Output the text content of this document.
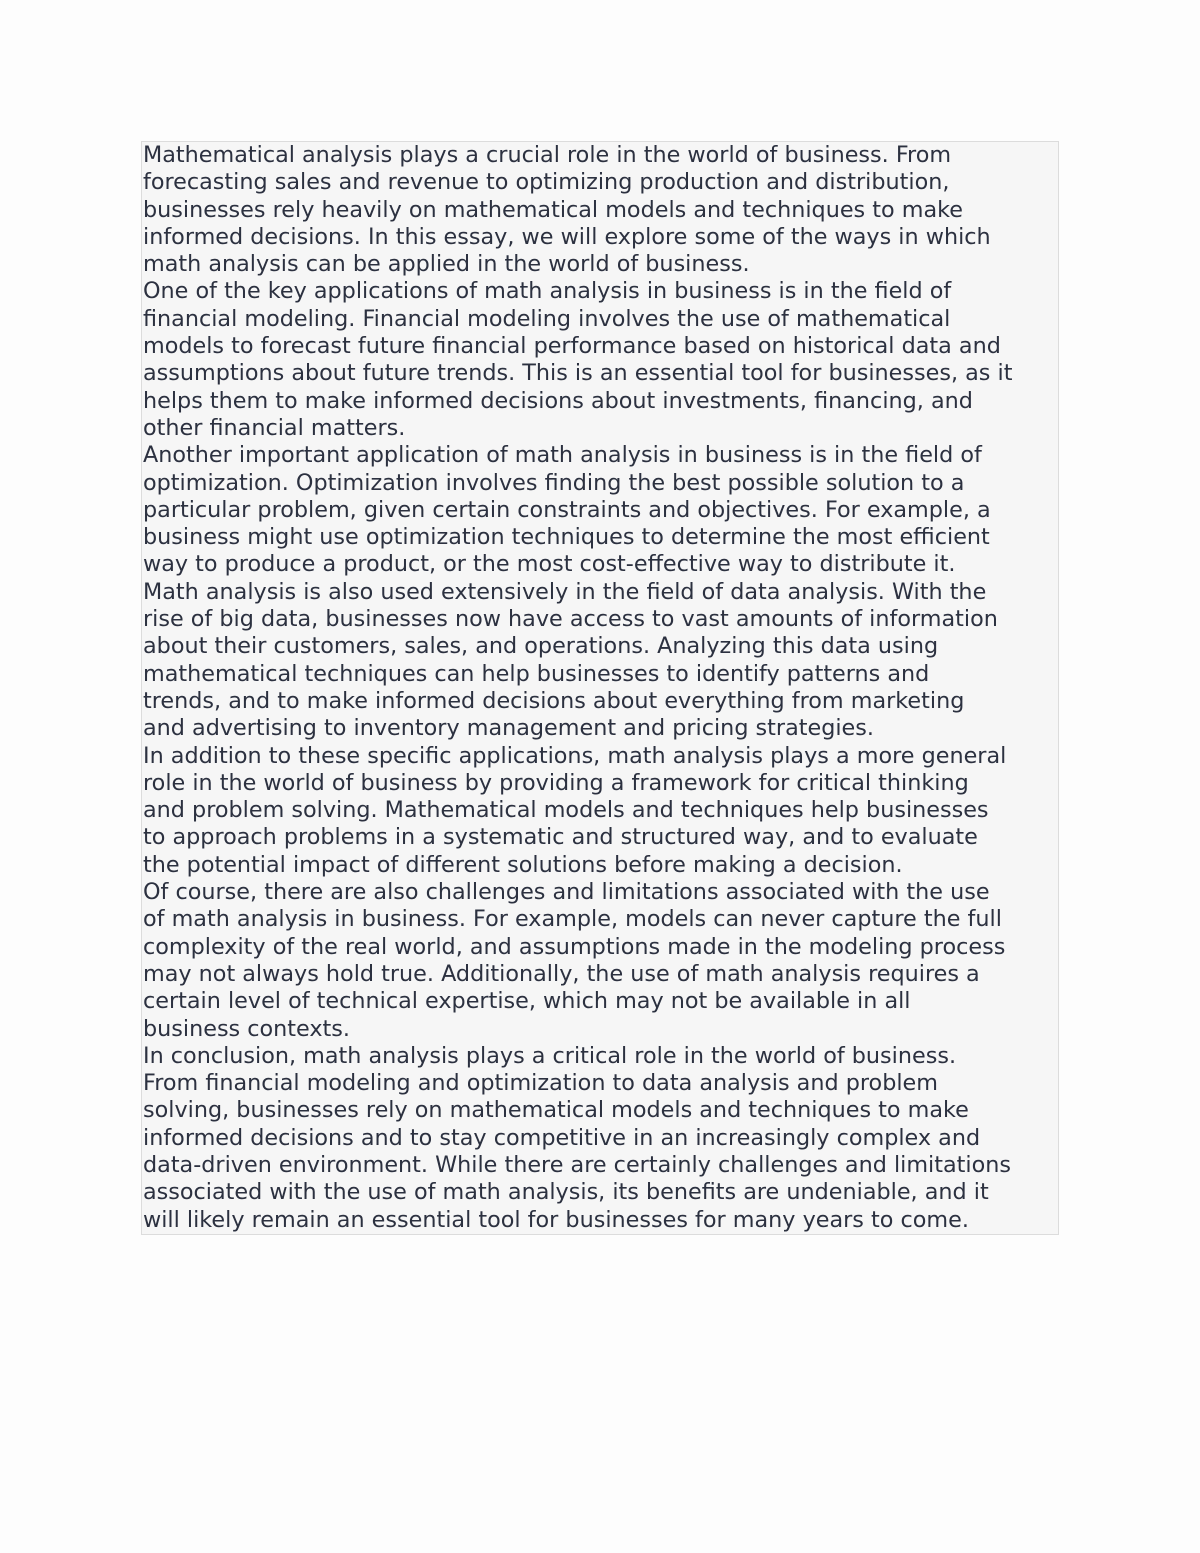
Mathematical analysis plays a crucial role in the world of business. From
forecasting sales and revenue to optimizing production and distribution,
businesses rely heavily on mathematical models and techniques to make
informed decisions. In this essay, we will explore some of the ways in which
math analysis can be applied in the world of business.

One of the key applications of math analysis in business is in the field of
financial modeling. Financial modeling involves the use of mathematical
models to forecast future financial performance based on historical data and
assumptions about future trends. This is an essential tool for businesses, as it
helps them to make informed decisions about investments, financing, and
other financial matters.

Another important application of math analysis in business is in the field of
optimization. Optimization involves finding the best possible solution to a
particular problem, given certain constraints and objectives. For example, a
business might use optimization techniques to determine the most efficient
way to produce a product, or the most cost-effective way to distribute it.

Math analysis is also used extensively in the field of data analysis. With the
rise of big data, businesses now have access to vast amounts of information
about their customers, sales, and operations. Analyzing this data using
mathematical techniques can help businesses to identify patterns and
trends, and to make informed decisions about everything from marketing
and advertising to inventory management and pricing strategies.

In addition to these specific applications, math analysis plays a more general
role in the world of business by providing a framework for critical thinking
and problem solving. Mathematical models and techniques help businesses
to approach problems in a systematic and structured way, and to evaluate
the potential impact of different solutions before making a decision.

Of course, there are also challenges and limitations associated with the use
of math analysis in business. For example, models can never capture the full
complexity of the real world, and assumptions made in the modeling process
may not always hold true. Additionally, the use of math analysis requires a
certain level of technical expertise, which may not be available in all
business contexts.

In conclusion, math analysis plays a critical role in the world of business.
From financial modeling and optimization to data analysis and problem
solving, businesses rely on mathematical models and techniques to make
informed decisions and to stay competitive in an increasingly complex and
data-driven environment. While there are certainly challenges and limitations
associated with the use of math analysis, its benefits are undeniable, and it
will likely remain an essential tool for businesses for many years to come.
